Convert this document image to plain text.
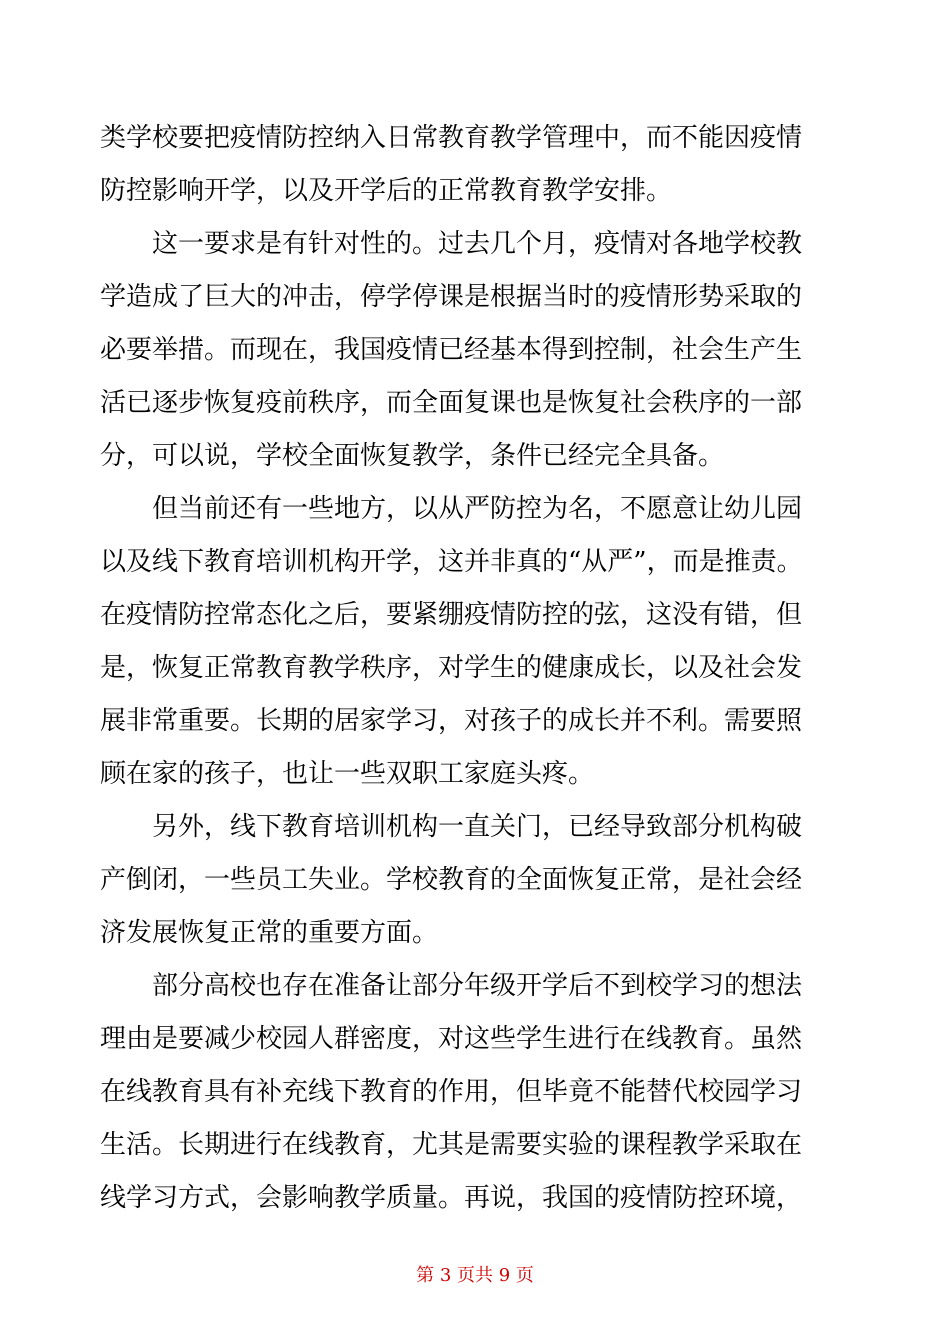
类学校要把疫情防控纳入日常教育教学管理中，而不能因疫情
防控影响开学，以及开学后的正常教育教学安排。
　　这一要求是有针对性的。过去几个月，疫情对各地学校教
学造成了巨大的冲击，停学停课是根据当时的疫情形势采取的
必要举措。而现在，我国疫情已经基本得到控制，社会生产生
活已逐步恢复疫前秩序，而全面复课也是恢复社会秩序的一部
分，可以说，学校全面恢复教学，条件已经完全具备。
　　但当前还有一些地方，以从严防控为名，不愿意让幼儿园
以及线下教育培训机构开学，这并非真的“从严”，而是推责。
在疫情防控常态化之后，要紧绷疫情防控的弦，这没有错，但
是，恢复正常教育教学秩序，对学生的健康成长，以及社会发
展非常重要。长期的居家学习，对孩子的成长并不利。需要照
顾在家的孩子，也让一些双职工家庭头疼。
　　另外，线下教育培训机构一直关门，已经导致部分机构破
产倒闭，一些员工失业。学校教育的全面恢复正常，是社会经
济发展恢复正常的重要方面。
　　部分高校也存在准备让部分年级开学后不到校学习的想法
理由是要减少校园人群密度，对这些学生进行在线教育。虽然
在线教育具有补充线下教育的作用，但毕竟不能替代校园学习
生活。长期进行在线教育，尤其是需要实验的课程教学采取在
线学习方式，会影响教学质量。再说，我国的疫情防控环境，
第 3 页共 9 页
